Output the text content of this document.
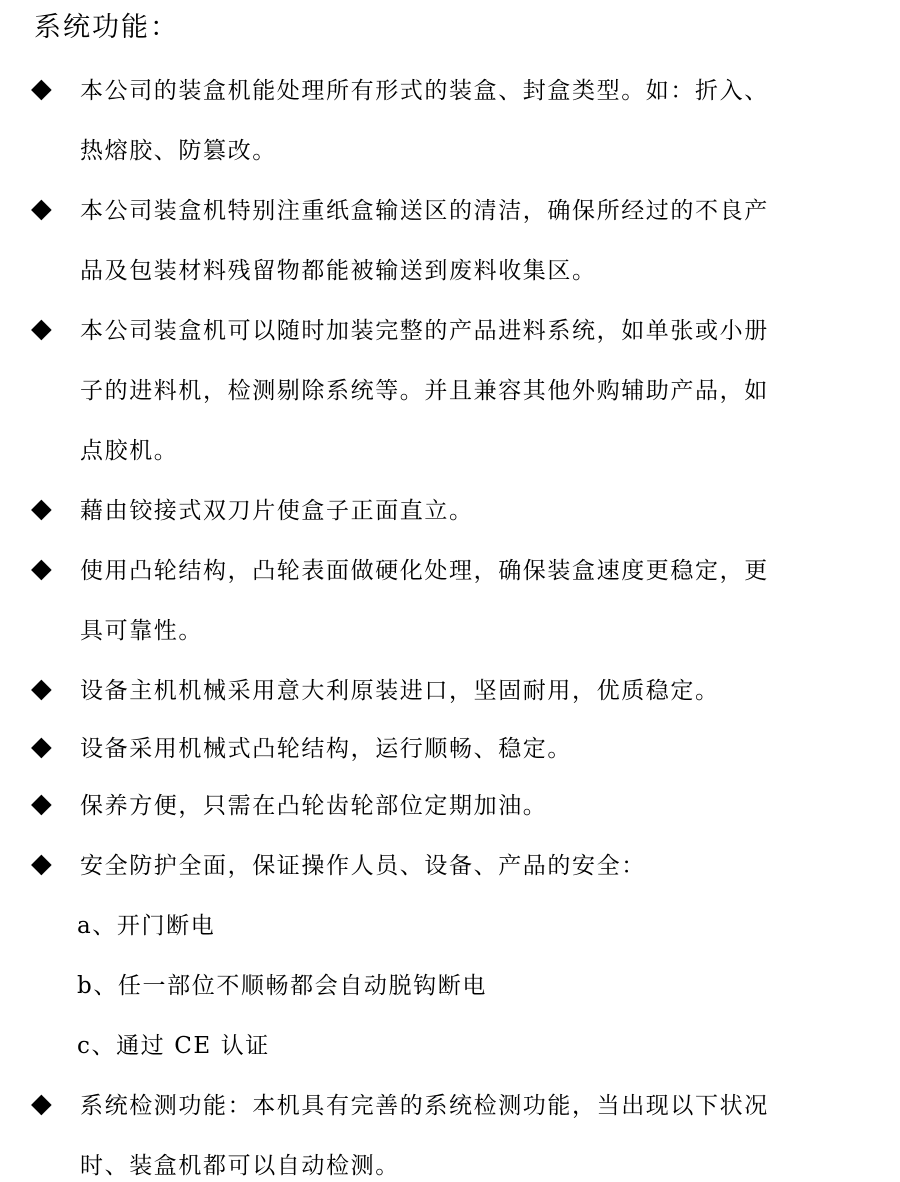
系统功能：
◆ 本公司的装盒机能处理所有形式的装盒、封盒类型。如：折入、
热熔胶、防篡改。
◆ 本公司装盒机特别注重纸盒输送区的清洁，确保所经过的不良产
品及包装材料残留物都能被输送到废料收集区。
◆ 本公司装盒机可以随时加装完整的产品进料系统，如单张或小册
子的进料机，检测剔除系统等。并且兼容其他外购辅助产品，如
点胶机。
◆ 藉由铰接式双刀片使盒子正面直立。
◆ 使用凸轮结构，凸轮表面做硬化处理，确保装盒速度更稳定，更
具可靠性。
◆ 设备主机机械采用意大利原装进口，坚固耐用，优质稳定。
◆ 设备采用机械式凸轮结构，运行顺畅、稳定。
◆ 保养方便，只需在凸轮齿轮部位定期加油。
◆ 安全防护全面，保证操作人员、设备、产品的安全：
a、开门断电
b、任一部位不顺畅都会自动脱钩断电
c、通过 CE 认证
◆ 系统检测功能：本机具有完善的系统检测功能，当出现以下状况
时、装盒机都可以自动检测。
